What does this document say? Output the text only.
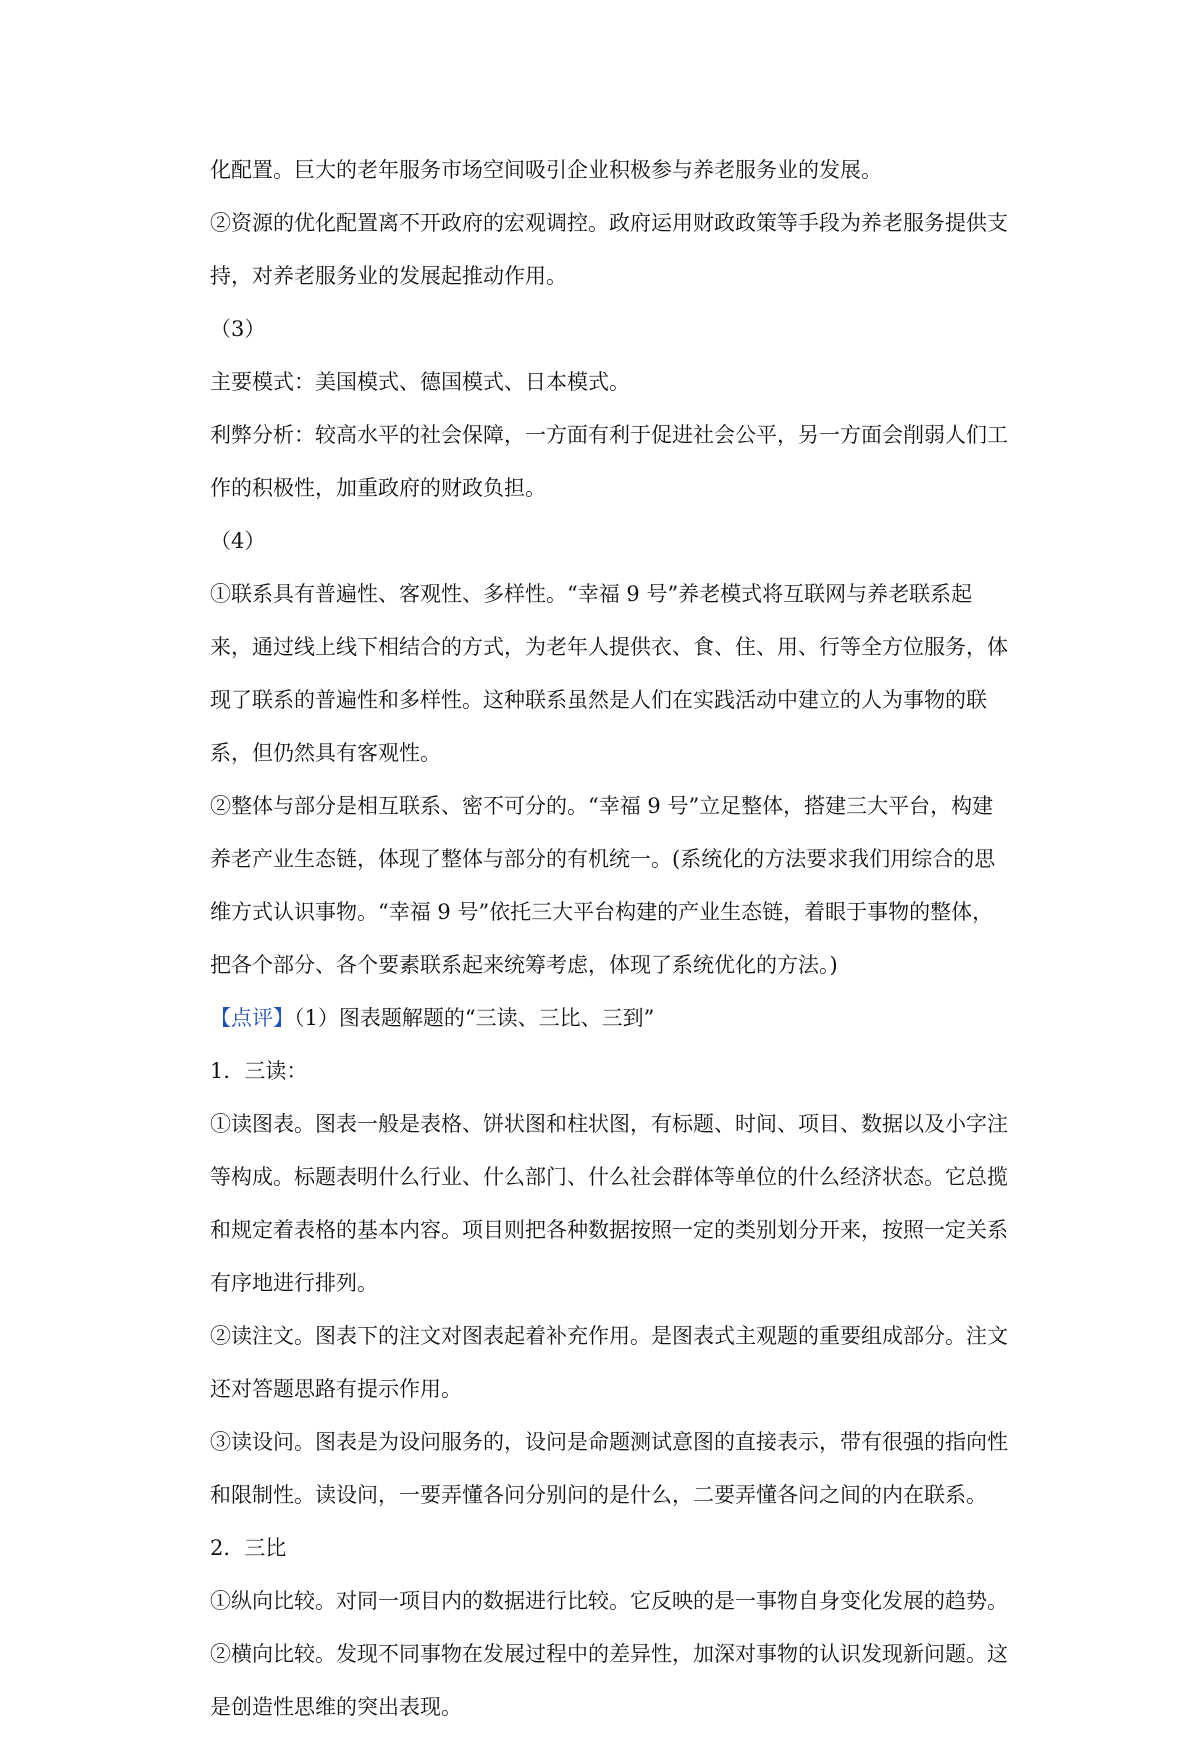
化配置。巨大的老年服务市场空间吸引企业积极参与养老服务业的发展。
②资源的优化配置离不开政府的宏观调控。政府运用财政政策等手段为养老服务提供支
持，对养老服务业的发展起推动作用。
（3）
主要模式：美国模式、德国模式、日本模式。
利弊分析：较高水平的社会保障，一方面有利于促进社会公平，另一方面会削弱人们工
作的积极性，加重政府的财政负担。
（4）
①联系具有普遍性、客观性、多样性。“幸福 9 号”养老模式将互联网与养老联系起
来，通过线上线下相结合的方式，为老年人提供衣、食、住、用、行等全方位服务，体
现了联系的普遍性和多样性。这种联系虽然是人们在实践活动中建立的人为事物的联
系，但仍然具有客观性。
②整体与部分是相互联系、密不可分的。“幸福 9 号”立足整体，搭建三大平台，构建
养老产业生态链，体现了整体与部分的有机统一。(系统化的方法要求我们用综合的思
维方式认识事物。“幸福 9 号”依托三大平台构建的产业生态链，着眼于事物的整体，
把各个部分、各个要素联系起来统筹考虑，体现了系统优化的方法。)
【点评】（1）图表题解题的“三读、三比、三到”
1．三读：
①读图表。图表一般是表格、饼状图和柱状图，有标题、时间、项目、数据以及小字注
等构成。标题表明什么行业、什么部门、什么社会群体等单位的什么经济状态。它总揽
和规定着表格的基本内容。项目则把各种数据按照一定的类别划分开来，按照一定关系
有序地进行排列。
②读注文。图表下的注文对图表起着补充作用。是图表式主观题的重要组成部分。注文
还对答题思路有提示作用。
③读设问。图表是为设问服务的，设问是命题测试意图的直接表示，带有很强的指向性
和限制性。读设问，一要弄懂各问分别问的是什么，二要弄懂各问之间的内在联系。
2．三比
①纵向比较。对同一项目内的数据进行比较。它反映的是一事物自身变化发展的趋势。
②横向比较。发现不同事物在发展过程中的差异性，加深对事物的认识发现新问题。这
是创造性思维的突出表现。
